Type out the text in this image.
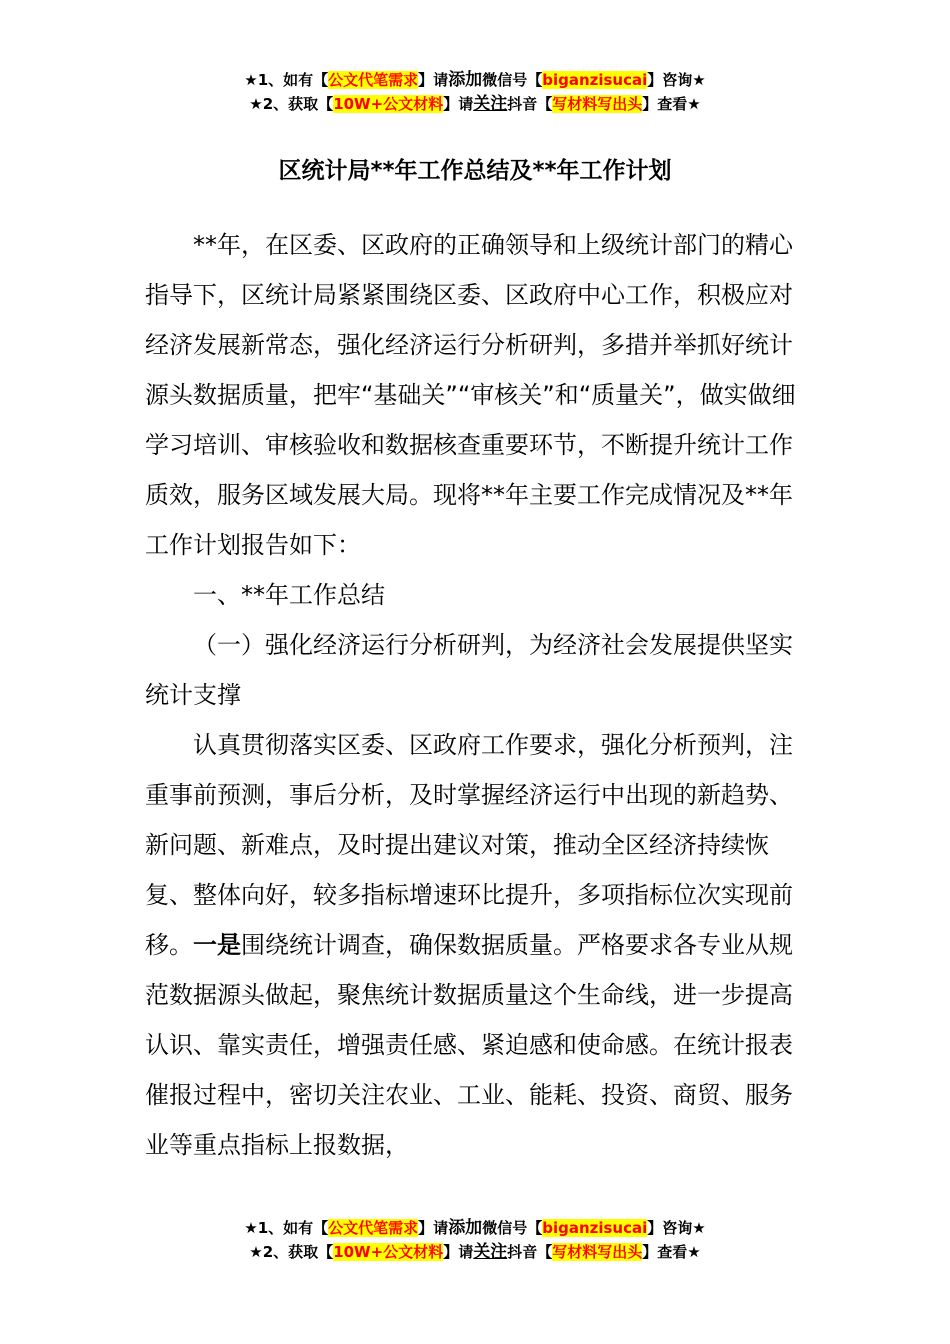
★1、如有【公文代笔需求】请添加微信号【biganzisucai】咨询★
★2、获取【10W+公文材料】请关注抖音【写材料写出头】查看★
区统计局**年工作总结及**年工作计划

**年，在区委、区政府的正确领导和上级统计部门的精心指导下，区统计局紧紧围绕区委、区政府中心工作，积极应对经济发展新常态，强化经济运行分析研判，多措并举抓好统计源头数据质量，把牢“基础关”“审核关”和“质量关”，做实做细学习培训、审核验收和数据核查重要环节，不断提升统计工作质效，服务区域发展大局。现将**年主要工作完成情况及**年工作计划报告如下：

一、**年工作总结

（一）强化经济运行分析研判，为经济社会发展提供坚实统计支撑

认真贯彻落实区委、区政府工作要求，强化分析预判，注重事前预测，事后分析，及时掌握经济运行中出现的新趋势、新问题、新难点，及时提出建议对策，推动全区经济持续恢复、整体向好，较多指标增速环比提升，多项指标位次实现前移。一是围绕统计调查，确保数据质量。严格要求各专业从规范数据源头做起，聚焦统计数据质量这个生命线，进一步提高认识、靠实责任，增强责任感、紧迫感和使命感。在统计报表催报过程中，密切关注农业、工业、能耗、投资、商贸、服务业等重点指标上报数据，

★1、如有【公文代笔需求】请添加微信号【biganzisucai】咨询★
★2、获取【10W+公文材料】请关注抖音【写材料写出头】查看★
